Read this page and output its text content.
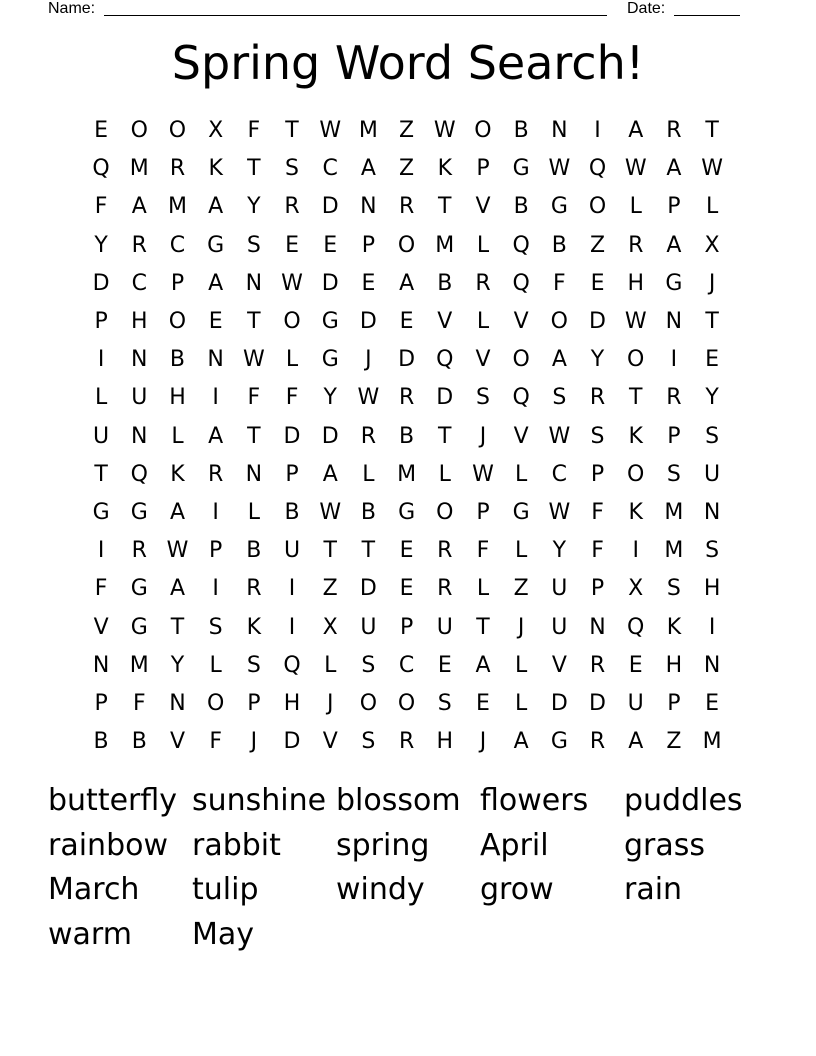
Name:	Date:
Spring Word Search!
E	O O X	F	T W M Z W O B	N	I	A	R	T
Q M R	K	T	S	C	A	Z	K	P	G W Q W A W
F	A M A	Y	R	D N	R	T	V	B	G O	L	P	L
Y	R	C G	S	E	E	P	O M	L	Q B	Z	R	A	X
D	C	P	A	N W D	E	A	B	R Q	F	E	H G	J
P	H O	E	T	O G D	E	V	L	V O D W N	T
I	N	B	N W L	G	J	D Q	V O	A	Y	O	I	E
L	U H	I	F	F	Y W R	D	S	Q	S	R	T	R	Y
U N	L	A	T	D D	R	B	T	J	V W S	K	P	S
T	Q	K	R	N	P	A	L	M	L W L	C	P	O	S	U
G G	A	I	L	B W B	G O	P	G W F	K M N
I	R W P	B	U	T	T	E	R	F	L	Y	F	I	M S
F	G	A	I	R	I	Z	D	E	R	L	Z	U	P	X	S	H
V	G	T	S	K	I	X	U	P	U	T	J	U N Q	K	I
N M Y	L	S	Q	L	S	C	E	A	L	V	R	E	H N
P	F	N O	P	H	J	O O	S	E	L	D D U	P	E
B	B	V	F	J	D	V	S	R	H	J	A	G	R	A	Z M
butterfly sunshine blossom flowers	puddles
rainbow rabbit	spring	April	grass
March	tulip	windy	grow	rain
warm	May
